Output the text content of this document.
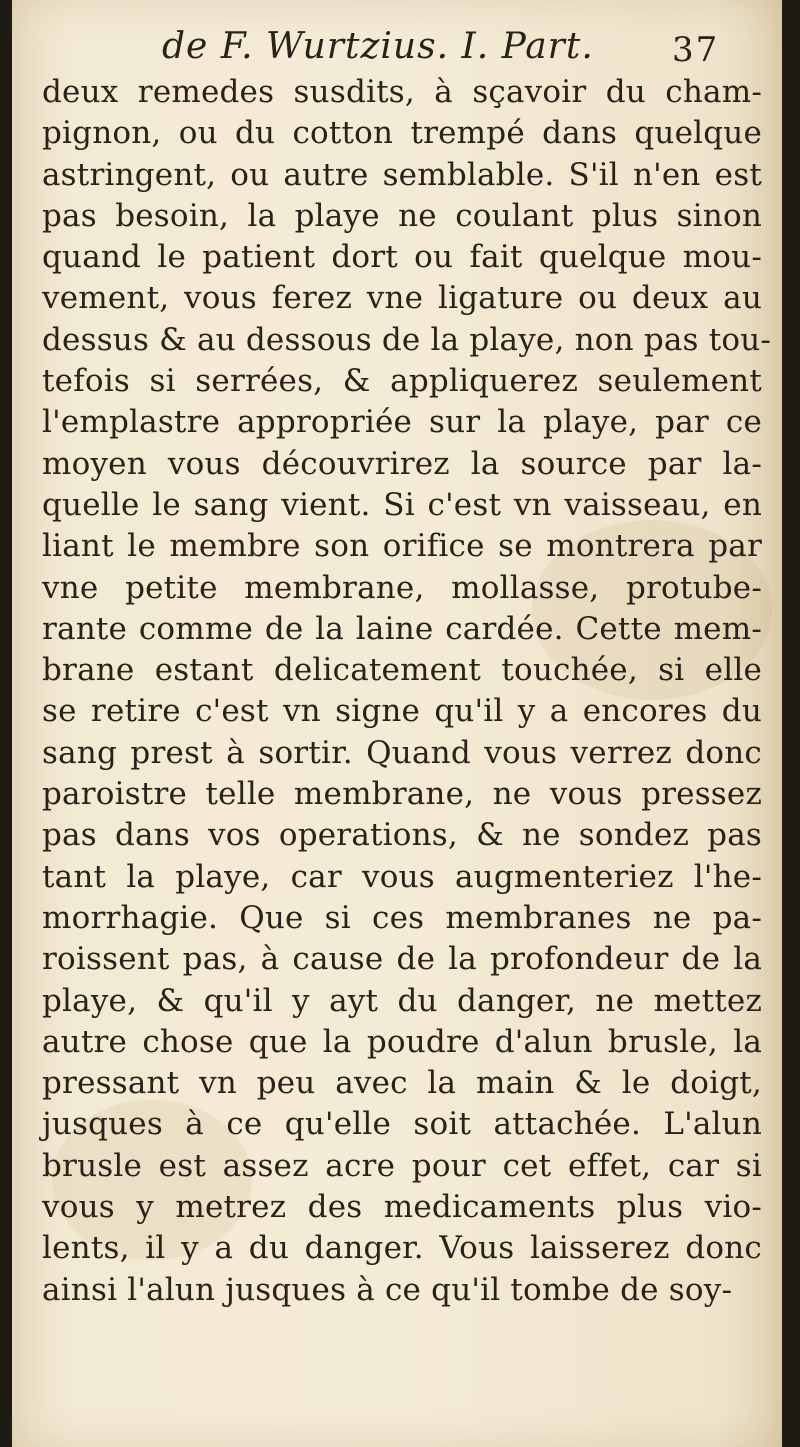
de F. Wurtzius. I. Part. 37
deux remedes susdits, à sçavoir du cham-
pignon, ou du cotton trempé dans quelque
astringent, ou autre semblable. S'il n'en est
pas besoin, la playe ne coulant plus sinon
quand le patient dort ou fait quelque mou-
vement, vous ferez vne ligature ou deux au
dessus & au dessous de la playe, non pas tou-
tefois si serrées, & appliquerez seulement
l'emplastre appropriée sur la playe, par ce
moyen vous découvrirez la source par la-
quelle le sang vient. Si c'est vn vaisseau, en
liant le membre son orifice se montrera par
vne petite membrane, mollasse, protube-
rante comme de la laine cardée. Cette mem-
brane estant delicatement touchée, si elle
se retire c'est vn signe qu'il y a encores du
sang prest à sortir. Quand vous verrez donc
paroistre telle membrane, ne vous pressez
pas dans vos operations, & ne sondez pas
tant la playe, car vous augmenteriez l'he-
morrhagie. Que si ces membranes ne pa-
roissent pas, à cause de la profondeur de la
playe, & qu'il y ayt du danger, ne mettez
autre chose que la poudre d'alun brusle, la
pressant vn peu avec la main & le doigt,
jusques à ce qu'elle soit attachée. L'alun
brusle est assez acre pour cet effet, car si
vous y metrez des medicaments plus vio-
lents, il y a du danger. Vous laisserez donc
ainsi l'alun jusques à ce qu'il tombe de soy-
